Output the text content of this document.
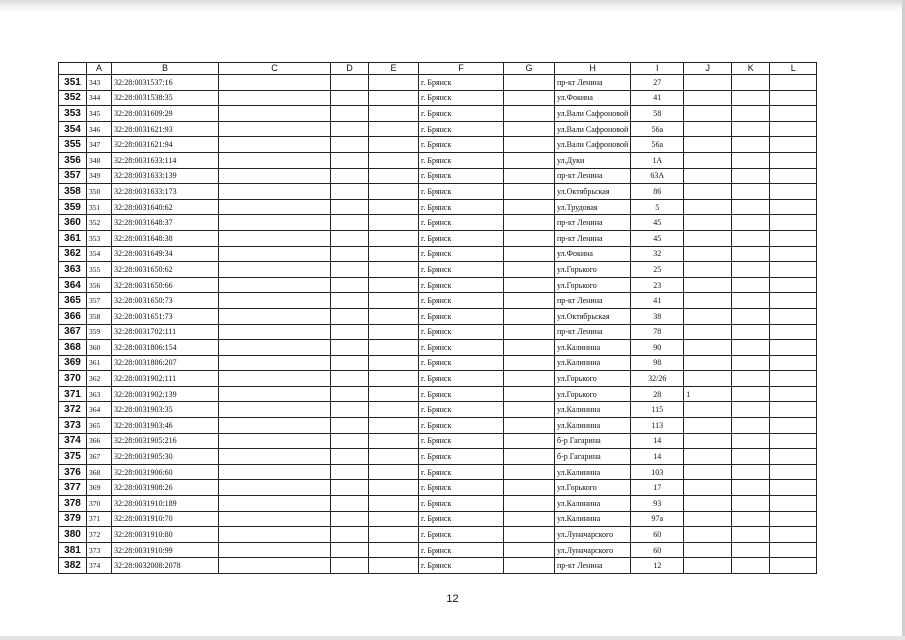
	A	B	C	D	E	F	G	H	I	J	K	L
351	343	32:28:0031537:16				г. Брянск		пр-кт Ленина	27			
352	344	32:28:0031538:35				г. Брянск		ул.Фокина	41			
353	345	32:28:0031609:29				г. Брянск		ул.Вали Сафроновой	58			
354	346	32:28:0031621:93				г. Брянск		ул.Вали Сафроновой	56а			
355	347	32:28:0031621:94				г. Брянск		ул.Вали Сафроновой	56а			
356	348	32:28:0031633:114				г. Брянск		ул.Дуки	1А			
357	349	32:28:0031633:139				г. Брянск		пр-кт Ленина	63А			
358	350	32:28:0031633:173				г. Брянск		ул.Октябрьская	86			
359	351	32:28:0031640:62				г. Брянск		ул.Трудовая	5			
360	352	32:28:0031648:37				г. Брянск		пр-кт Ленина	45			
361	353	32:28:0031648:38				г. Брянск		пр-кт Ленина	45			
362	354	32:28:0031649:34				г. Брянск		ул.Фокина	32			
363	355	32:28:0031650:62				г. Брянск		ул.Горького	25			
364	356	32:28:0031650:66				г. Брянск		ул.Горького	23			
365	357	32:28:0031650:73				г. Брянск		пр-кт Ленина	41			
366	358	32:28:0031651:73				г. Брянск		ул.Октябрьская	38			
367	359	32:28:0031702:111				г. Брянск		пр-кт Ленина	78			
368	360	32:28:0031806:154				г. Брянск		ул.Калинина	90			
369	361	32:28:0031806:207				г. Брянск		ул.Калинина	98			
370	362	32:28:0031902:111				г. Брянск		ул.Горького	32/26			
371	363	32:28:0031902:139				г. Брянск		ул.Горького	28	1		
372	364	32:28:0031903:35				г. Брянск		ул.Калинина	115			
373	365	32:28:0031903:46				г. Брянск		ул.Калинина	113			
374	366	32:28:0031905:216				г. Брянск		б-р Гагарина	14			
375	367	32:28:0031905:30				г. Брянск		б-р Гагарина	14			
376	368	32:28:0031906:60				г. Брянск		ул.Калинина	103			
377	369	32:28:0031908:26				г. Брянск		ул.Горького	17			
378	370	32:28:0031910:189				г. Брянск		ул.Калинина	93			
379	371	32:28:0031910:70				г. Брянск		ул.Калинина	97а			
380	372	32:28:0031910:80				г. Брянск		ул.Луначарского	60			
381	373	32:28:0031910:99				г. Брянск		ул.Луначарского	60			
382	374	32:28:0032008:2078				г. Брянск		пр-кт Ленина	12			
12
